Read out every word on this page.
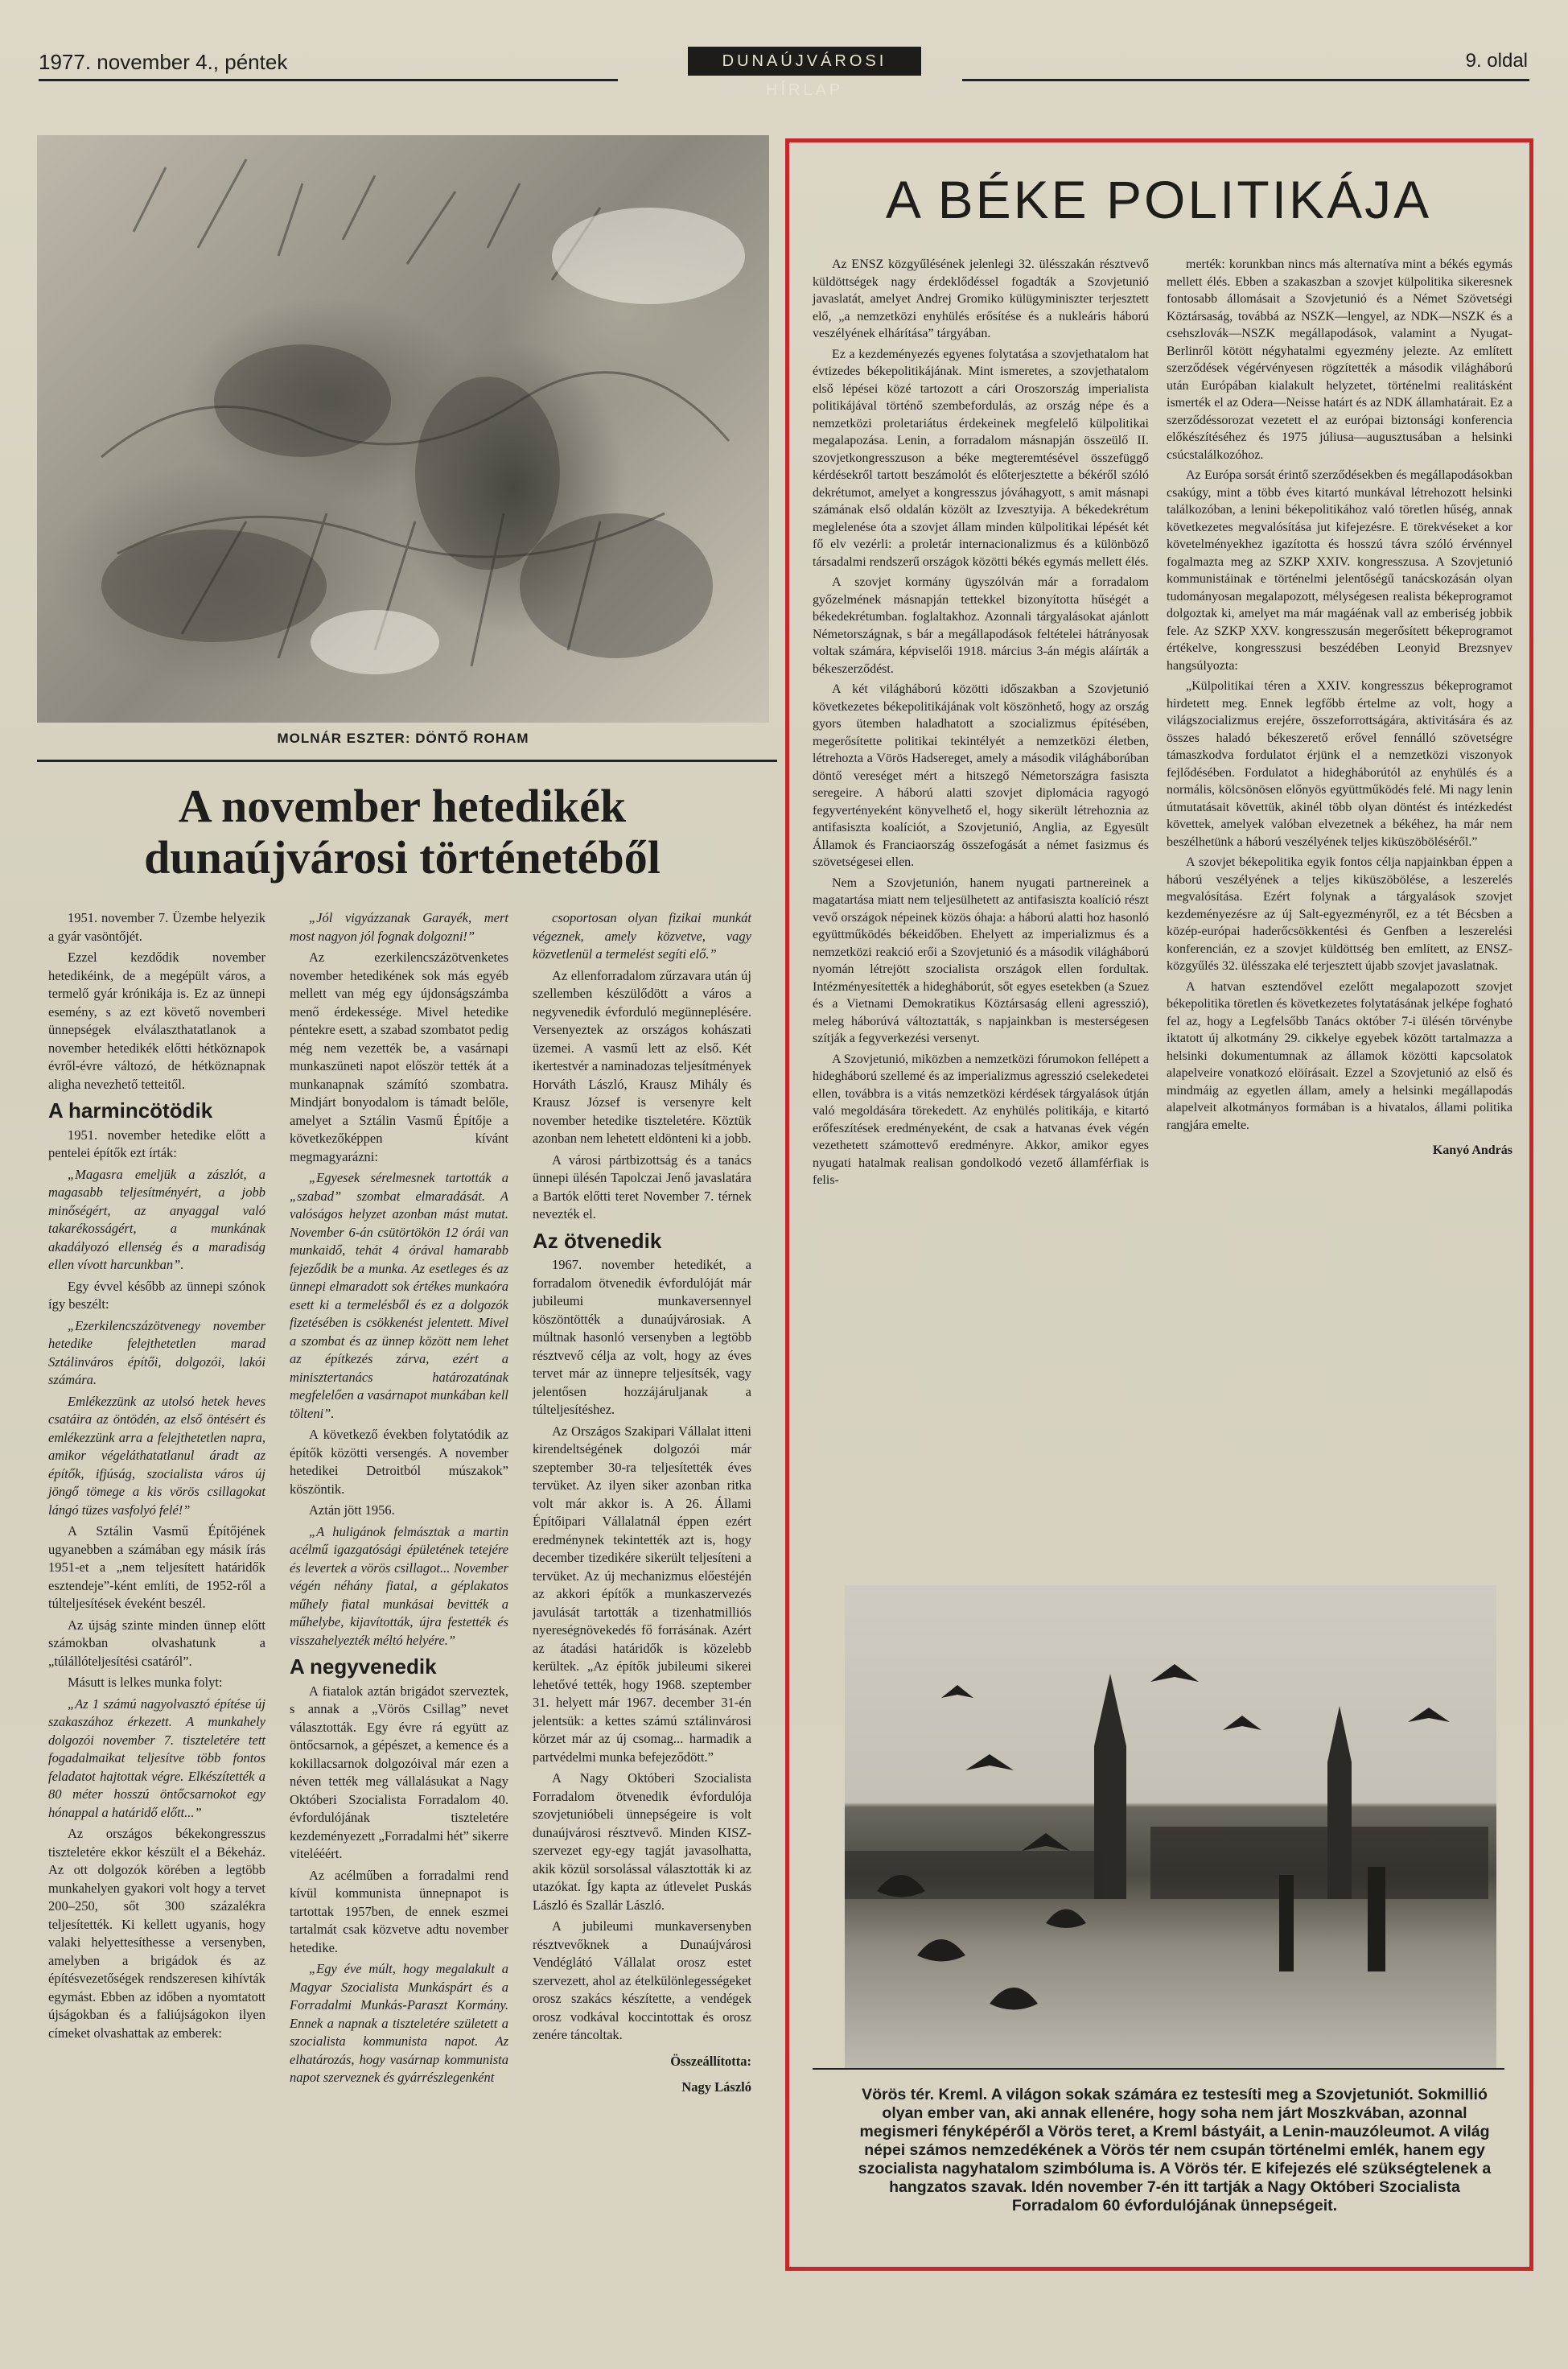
1977. november 4., péntek	DUNAÚJVÁROSI HÍRLAP
9. oldal
MOLNÁR ESZTER: DÖNTŐ ROHAM
A november hetedikék dunaújvárosi történetéből

1951. november 7. Üzembe helyezik a gyár vasöntőjét.

Ezzel kezdődik november hetedikéink, de a megépült város, a termelő gyár krónikája is. Ez az ünnepi esemény, s az ezt követő novemberi ünnepségek elválaszthatatlanok a november hetedikék előtti hétköznapok évről-évre változó, de hétköznapnak aligha nevezhető tetteitől.

A harmincötödik

1951. november hetedike előtt a pentelei építők ezt írták:

„Magasra emeljük a zászlót, a magasabb teljesítményért, a jobb minőségért, az anyaggal való takarékosságért, a munkának akadályozó ellenség és a maradiság ellen vívott harcunkban”.

Egy évvel később az ünnepi szónok így beszélt:

„Ezerkilencszázötvenegy november hetedike felejthetetlen marad Sztálinváros építői, dolgozói, lakói számára.

Emlékezzünk az utolsó hetek heves csatáira az öntödén, az első öntésért és emlékezzünk arra a felejthetetlen napra, amikor végeláthatatlanul áradt az építők, ifjúság, szocialista város új jöngő tömege a kis vörös csillagokat lángó tüzes vasfolyó felé!”

A Sztálin Vasmű Építőjének ugyanebben a számában egy másik írás 1951-et a „nem teljesített határidők esztendeje”-ként említi, de 1952-ről a túlteljesítések éveként beszél.

Az újság szinte minden ünnep előtt számokban olvashatunk a „túlállóteljesítési csatáról”.

Másutt is lelkes munka folyt:

„Az 1 számú nagyolvasztó építése új szakaszához érkezett. A munkahely dolgozói november 7. tiszteletére tett fogadalmaikat teljesítve több fontos feladatot hajtottak végre. Elkészítették a 80 méter hosszú öntőcsarnokot egy hónappal a határidő előtt...”

Az országos békekongresszus tiszteletére ekkor készült el a Békeház. Az ott dolgozók körében a legtöbb munkahelyen gyakori volt hogy a tervet 200–250, sőt 300 százalékra teljesítették. Ki kellett ugyanis, hogy valaki helyettesíthesse a versenyben, amelyben a brigádok és az építésvezetőségek rendszeresen kihívták egymást. Ebben az időben a nyomtatott újságokban és a faliújságokon ilyen címeket olvashattak az emberek:

„Jól vigyázzanak Garayék, mert most nagyon jól fognak dolgozni!”

Az ezerkilencszázötvenketes november hetedikének sok más egyéb mellett van még egy újdonságszámba menő érdekessége. Mivel hetedike péntekre esett, a szabad szombatot pedig még nem vezették be, a vasárnapi munkaszüneti napot először tették át a munkanapnak számító szombatra. Mindjárt bonyodalom is támadt belőle, amelyet a Sztálin Vasmű Építője a következőképpen kívánt megmagyarázni:

„Egyesek sérelmesnek tartották a „szabad” szombat elmaradását. A valóságos helyzet azonban mást mutat. November 6-án csütörtökön 12 órái van munkaidő, tehát 4 órával hamarabb fejeződik be a munka. Az esetleges és az ünnepi elmaradott sok értékes munkaóra esett ki a termelésből és ez a dolgozók fizetésében is csökkenést jelentett. Mivel a szombat és az ünnep között nem lehet az építkezés zárva, ezért a minisztertanács határozatának megfelelően a vasárnapot munkában kell tölteni”.

A következő években folytatódik az építők közötti versengés. A november hetedikei Detroitból múszakok” köszöntik.

Aztán jött 1956.

„A huligánok felmásztak a martin acélmű igazgatósági épületének tetejére és levertek a vörös csillagot... November végén néhány fiatal, a géplakatos műhely fiatal munkásai bevitték a műhelybe, kijavították, újra festették és visszahelyezték méltó helyére.”

A negyvenedik

A fiatalok aztán brigádot szerveztek, s annak a „Vörös Csillag” nevet választották. Egy évre rá együtt az öntőcsarnok, a gépészet, a kemence és a kokillacsarnok dolgozóival már ezen a néven tették meg vállalásukat a Nagy Októberi Szocialista Forradalom 40. évfordulójának tiszteletére kezdeményezett „Forradalmi hét” sikerre vitelééért.

Az acélműben a forradalmi rend kívül kommunista ünnepnapot is tartottak 1957ben, de ennek eszmei tartalmát csak közvetve adtu november hetedike.

„Egy éve múlt, hogy megalakult a Magyar Szocialista Munkáspárt és a Forradalmi Munkás-Paraszt Kormány. Ennek a napnak a tiszteletére született a szocialista kommunista napot. Az elhatározás, hogy vasárnap kommunista napot szerveznek és gyárrészlegenként

csoportosan olyan fizikai munkát végeznek, amely közvetve, vagy közvetlenül a termelést segíti elő.”

Az ellenforradalom zűrzavara után új szellemben készülődött a város a negyvenedik évforduló megünneplésére. Versenyeztek az országos kohászati üzemei. A vasmű lett az első. Két ikertestvér a naminadozas teljesítmények Horváth László, Krausz Mihály és Krausz József is versenyre kelt november hetedike tiszteletére. Köztük azonban nem lehetett eldönteni ki a jobb.

A városi pártbizottság és a tanács ünnepi ülésén Tapolczai Jenő javaslatára a Bartók előtti teret November 7. térnek nevezték el.

Az ötvenedik

1967. november hetedikét, a forradalom ötvenedik évfordulóját már jubileumi munkaversennyel köszöntötték a dunaújvárosiak. A múltnak hasonló versenyben a legtöbb résztvevő célja az volt, hogy az éves tervet már az ünnepre teljesítsék, vagy jelentősen hozzájáruljanak a túlteljesítéshez.

Az Országos Szakipari Vállalat itteni kirendeltségének dolgozói már szeptember 30-ra teljesítették éves tervüket. Az ilyen siker azonban ritka volt már akkor is. A 26. Állami Építőipari Vállalatnál éppen ezért eredménynek tekintették azt is, hogy december tizedikére sikerült teljesíteni a tervüket. Az új mechanizmus előestéjén az akkori építők a munkaszervezés javulását tartották a tizenhatmilliós nyereségnövekedés fő forrásának. Azért az átadási határidők is közelebb kerültek. „Az építők jubileumi sikerei lehetővé tették, hogy 1968. szeptember 31. helyett már 1967. december 31-én jelentsük: a kettes számú sztálinvárosi körzet már az új csomag... harmadik a partvédelmi munka befejeződött.”

A Nagy Októberi Szocialista Forradalom ötvenedik évfordulója szovjetunióbeli ünnepségeire is volt dunaújvárosi résztvevő. Minden KISZ-szervezet egy-egy tagját javasolhatta, akik közül sorsolással választották ki az utazókat. Így kapta az útlevelet Puskás László és Szallár László.

A jubileumi munkaversenyben résztvevőknek a Dunaújvárosi Vendéglátó Vállalat orosz estet szervezett, ahol az ételkülönlegességeket orosz szakács készítette, a vendégek orosz vodkával koccintottak és orosz zenére táncoltak.

Összeállította:

Nagy László

A BÉKE POLITIKÁJA

Az ENSZ közgyűlésének jelenlegi 32. ülésszakán résztvevő küldöttségek nagy érdeklődéssel fogadták a Szovjetunió javaslatát, amelyet Andrej Gromiko külügyminiszter terjesztett elő, „a nemzetközi enyhülés erősítése és a nukleáris háború veszélyének elhárítása” tárgyában.

Ez a kezdeményezés egyenes folytatása a szovjethatalom hat évtizedes békepolitikájának. Mint ismeretes, a szovjethatalom első lépései közé tartozott a cári Oroszország imperialista politikájával történő szembefordulás, az ország népe és a nemzetközi proletariátus érdekeinek megfelelő külpolitikai megalapozása. Lenin, a forradalom másnapján összeülő II. szovjetkongresszuson a béke megteremtésével összefüggő kérdésekről tartott beszámolót és előterjesztette a békéről szóló dekrétumot, amelyet a kongresszus jóváhagyott, s amit másnapi számának első oldalán közölt az Izvesztyija. A békedekrétum meglelenése óta a szovjet állam minden külpolitikai lépését két fő elv vezérli: a proletár internacionalizmus és a különböző társadalmi rendszerű országok közötti békés egymás mellett élés.

A szovjet kormány ügyszólván már a forradalom győzelmének másnapján tettekkel bizonyította hűségét a békedekrétumban. foglaltakhoz. Azonnali tárgyalásokat ajánlott Németországnak, s bár a megállapodások feltételei hátrányosak voltak számára, képviselői 1918. március 3-án mégis aláírták a békeszerződést.

A két világháború közötti időszakban a Szovjetunió következetes békepolitikájának volt köszönhető, hogy az ország gyors ütemben haladhatott a szocializmus építésében, megerősítette politikai tekintélyét a nemzetközi életben, létrehozta a Vörös Hadsereget, amely a második világháborúban döntő vereséget mért a hitszegő Németországra fasiszta seregeire. A háború alatti szovjet diplomácia ragyogó fegyvertényeként könyvelhető el, hogy sikerült létrehoznia az antifasiszta koalíciót, a Szovjetunió, Anglia, az Egyesült Államok és Franciaország összefogását a német fasizmus és szövetségesei ellen.

Nem a Szovjetunión, hanem nyugati partnereinek a magatartása miatt nem teljesülhetett az antifasiszta koalíció részt vevő országok népeinek közös óhaja: a háború alatti hoz hasonló együttműködés békeidőben. Ehelyett az imperializmus és a nemzetközi reakció erői a Szovjetunió és a második világháború nyomán létrejött szocialista országok ellen fordultak. Intézményesítették a hidegháborút, sőt egyes esetekben (a Szuez és a Vietnami Demokratikus Köztársaság elleni agresszió), meleg háborúvá változtatták, s napjainkban is mesterségesen szítják a fegyverkezési versenyt.

A Szovjetunió, miközben a nemzetközi fórumokon fellépett a hidegháború szellemé és az imperializmus agresszió cselekedetei ellen, továbbra is a vitás nemzetközi kérdések tárgyalások útján való megoldására törekedett. Az enyhülés politikája, e kitartó erőfeszítések eredményeként, de csak a hatvanas évek végén vezethetett számottevő eredményre. Akkor, amikor egyes nyugati hatalmak realisan gondolkodó vezető államférfiak is felis-

merték: korunkban nincs más alternatíva mint a békés egymás mellett élés. Ebben a szakaszban a szovjet külpolitika sikeresnek fontosabb állomásait a Szovjetunió és a Német Szövetségi Köztársaság, továbbá az NSZK—lengyel, az NDK—NSZK és a csehszlovák—NSZK megállapodások, valamint a Nyugat-Berlinről kötött négyhatalmi egyezmény jelezte. Az említett szerződések végérvényesen rögzítették a második világháború után Európában kialakult helyzetet, történelmi realitásként ismerték el az Odera—Neisse határt és az NDK államhatárait. Ez a szerződéssorozat vezetett el az európai biztonsági konferencia előkészítéséhez és 1975 júliusa—augusztusában a helsinki csúcstalálkozóhoz.

Az Európa sorsát érintő szerződésekben és megállapodásokban csakúgy, mint a több éves kitartó munkával létrehozott helsinki találkozóban, a lenini békepolitikához való töretlen hűség, annak következetes megvalósítása jut kifejezésre. E törekvéseket a kor követelményekhez igazította és hosszú távra szóló érvénnyel fogalmazta meg az SZKP XXIV. kongresszusa. A Szovjetunió kommunistáinak e történelmi jelentőségű tanácskozásán olyan tudományosan megalapozott, mélységesen realista békeprogramot dolgoztak ki, amelyet ma már magáénak vall az emberiség jobbik fele. Az SZKP XXV. kongresszusán megerősített békeprogramot értékelve, kongresszusi beszédében Leonyid Brezsnyev hangsúlyozta:

„Külpolitikai téren a XXIV. kongresszus békeprogramot hirdetett meg. Ennek legfőbb értelme az volt, hogy a világszocializmus erejére, összeforrottságára, aktivitására és az összes haladó békeszerető erővel fennálló szövetségre támaszkodva fordulatot érjünk el a nemzetközi viszonyok fejlődésében. Fordulatot a hidegháborútól az enyhülés és a normális, kölcsönösen előnyös együttműködés felé. Mi nagy lenin útmutatásait követtük, akinél több olyan döntést és intézkedést követtek, amelyek valóban elvezetnek a békéhez, ha már nem beszélhetünk a háború veszélyének teljes kiküszöböléséről.”

A szovjet békepolitika egyik fontos célja napjainkban éppen a háború veszélyének a teljes kiküszöbölése, a leszerelés megvalósítása. Ezért folynak a tárgyalások szovjet kezdeményezésre az új Salt-egyezményről, ez a tét Bécsben a közép-európai haderőcsökkentési és Genfben a leszerelési konferencián, ez a szovjet küldöttség ben említett, az ENSZ-közgyűlés 32. ülésszaka elé terjesztett újabb szovjet javaslatnak.

A hatvan esztendővel ezelőtt megalapozott szovjet békepolitika töretlen és következetes folytatásának jelképe fogható fel az, hogy a Legfelsőbb Tanács október 7-i ülésén törvénybe iktatott új alkotmány 29. cikkelye egyebek között tartalmazza a helsinki dokumentumnak az államok közötti kapcsolatok alapelveire vonatkozó elöírásait. Ezzel a Szovjetunió az első és mindmáig az egyetlen állam, amely a helsinki megállapodás alapelveit alkotmányos formában is a hivatalos, állami politika rangjára emelte.

Kanyó András

Vörös tér. Kreml. A világon sokak számára ez testesíti meg a Szovjetuniót. Sokmillió olyan ember van, aki annak ellenére, hogy soha nem járt Moszkvában, azonnal megismeri fényképéről a Vörös teret, a Kreml bástyáit, a Lenin-mauzóleumot. A világ népei számos nemzedékének a Vörös tér nem csupán történelmi emlék, hanem egy szocialista nagyhatalom szimbóluma is. A Vörös tér. E kifejezés elé szükségtelenek a hangzatos szavak. Idén november 7-én itt tartják a Nagy Októberi Szocialista Forradalom 60 évfordulójának ünnepségeit.
